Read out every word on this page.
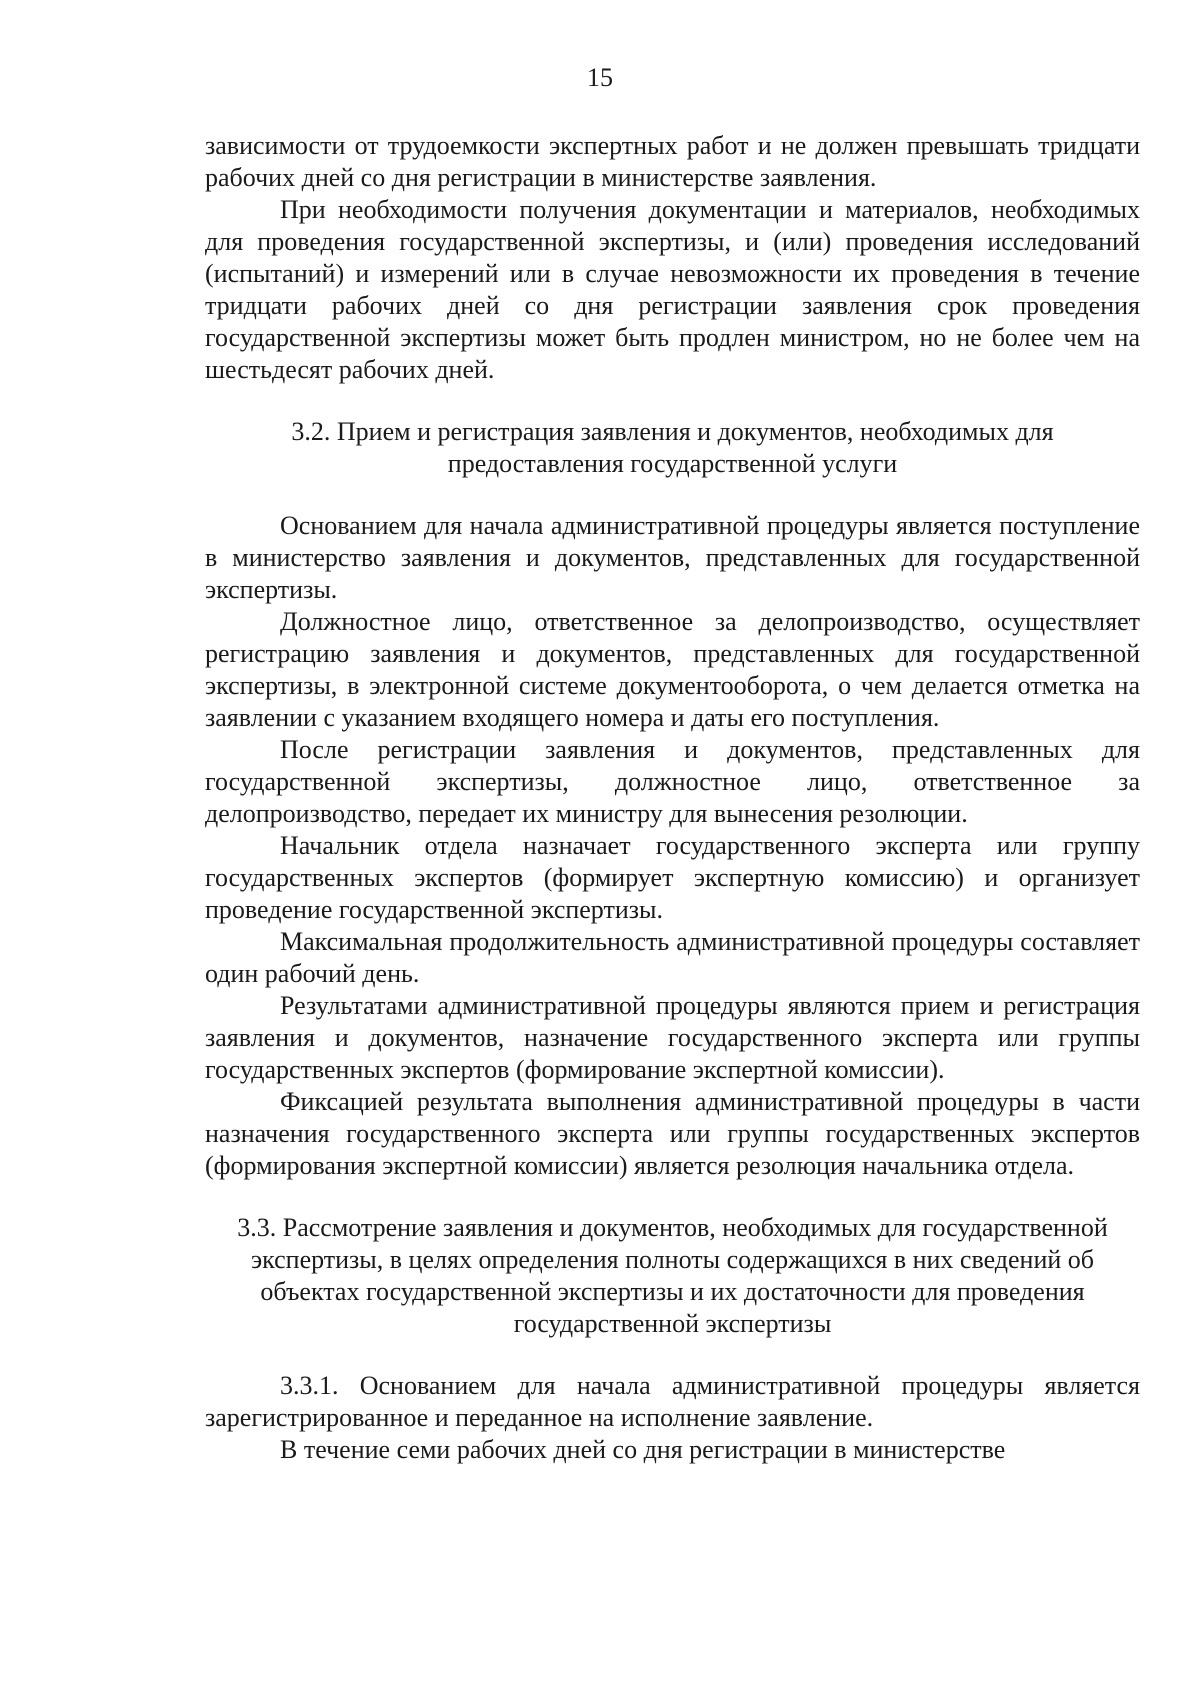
15

зависимости от трудоемкости экспертных работ и не должен превышать тридцати рабочих дней со дня регистрации в министерстве заявления.

При необходимости получения документации и материалов, необходимых для проведения государственной экспертизы, и (или) проведения исследований (испытаний) и измерений или в случае невозможности их проведения в течение тридцати рабочих дней со дня регистрации заявления срок проведения государственной экспертизы может быть продлен министром, но не более чем на шестьдесят рабочих дней.

3.2. Прием и регистрация заявления и документов, необходимых для предоставления государственной услуги

Основанием для начала административной процедуры является поступление в министерство заявления и документов, представленных для государственной экспертизы.

Должностное лицо, ответственное за делопроизводство, осуществляет регистрацию заявления и документов, представленных для государственной экспертизы, в электронной системе документооборота, о чем делается отметка на заявлении с указанием входящего номера и даты его поступления.

После регистрации заявления и документов, представленных для государственной экспертизы, должностное лицо, ответственное за делопроизводство, передает их министру для вынесения резолюции.

Начальник отдела назначает государственного эксперта или группу государственных экспертов (формирует экспертную комиссию) и организует проведение государственной экспертизы.

Максимальная продолжительность административной процедуры составляет один рабочий день.

Результатами административной процедуры являются прием и регистрация заявления и документов, назначение государственного эксперта или группы государственных экспертов (формирование экспертной комиссии).

Фиксацией результата выполнения административной процедуры в части назначения государственного эксперта или группы государственных экспертов (формирования экспертной комиссии) является резолюция начальника отдела.

3.3. Рассмотрение заявления и документов, необходимых для государственной экспертизы, в целях определения полноты содержащихся в них сведений об объектах государственной экспертизы и их достаточности для проведения государственной экспертизы

3.3.1. Основанием для начала административной процедуры является зарегистрированное и переданное на исполнение заявление.

В течение семи рабочих дней со дня регистрации в министерстве
